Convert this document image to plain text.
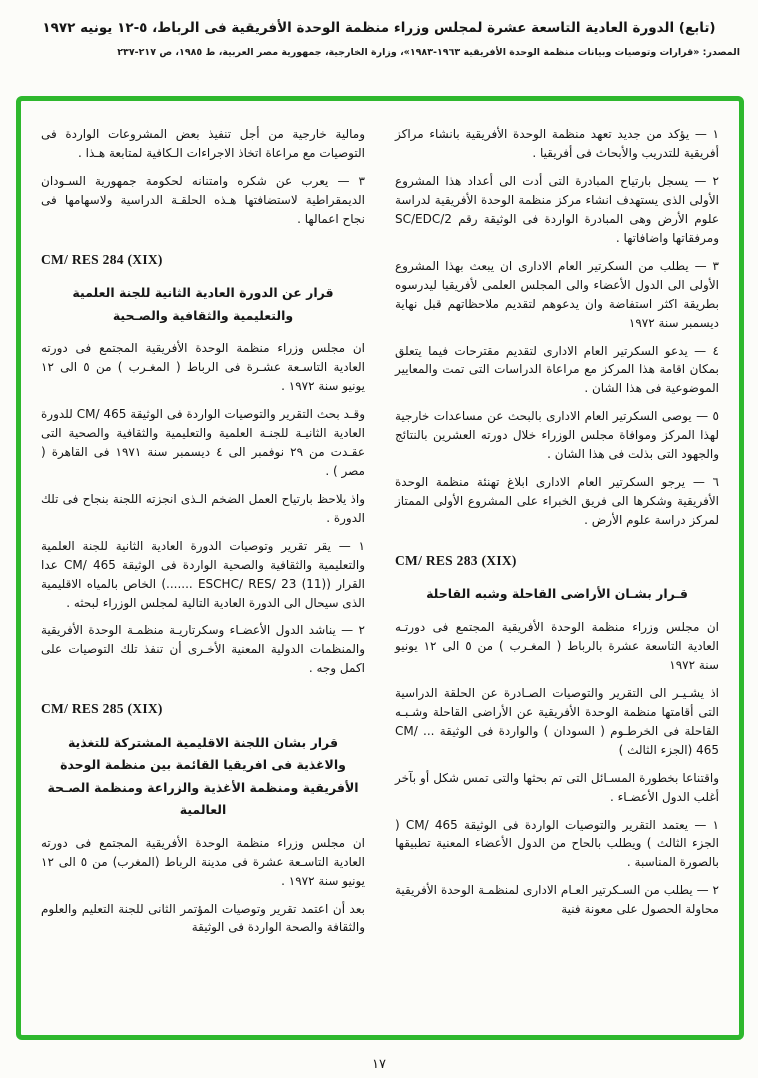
(تابع) الدورة العادية التاسعة عشرة لمجلس وزراء منظمة الوحدة الأفريقية فى الرباط، ٥-١٢ يونيه ١٩٧٢
المصدر: «قرارات وتوصيات وبيانات منظمة الوحدة الأفريقية ١٩٦٣-١٩٨٣»، وزارة الخارجية، جمهورية مصر العربية، ط ١٩٨٥، ص ٢١٧-٢٣٧

١ — يؤكد من جديد تعهد منظمة الوحدة الأفريقية بانشاء مراكز أفريقية للتدريب والأبحاث فى أفريقيا .

٢ — يسجل بارتياح المبادرة التى أدت الى أعداد هذا المشروع الأولى الذى يستهدف انشاء مركز منظمة الوحدة الأفريقية لدراسة علوم الأرض وهى المبادرة الواردة فى الوثيقة رقم SC/EDC/2 ومرفقاتها واضافاتها .

٣ — يطلب من السكرتير العام الادارى ان يبعث بهذا المشروع الأولى الى الدول الأعضاء والى المجلس العلمى لأفريقيا ليدرسوه بطريقة اكثر استفاضة وان يدعوهم لتقديم ملاحظاتهم قبل نهاية ديسمبر سنة ١٩٧٢

٤ — يدعو السكرتير العام الادارى لتقديم مقترحات فيما يتعلق بمكان اقامة هذا المركز مع مراعاة الدراسات التى تمت والمعايير الموضوعية فى هذا الشان .

٥ — يوصى السكرتير العام الادارى بالبحث عن مساعدات خارجية لهذا المركز وموافاة مجلس الوزراء خلال دورته العشرين بالنتائج والجهود التى بذلت فى هذا الشان .

٦ — يرجو السكرتير العام الادارى ابلاغ تهنئة منظمة الوحدة الأفريقية وشكرها الى فريق الخبراء على المشروع الأولى الممتاز لمركز دراسة علوم الأرض .

CM/ RES 283 (XIX)

قـرار بشـان الأراضى القاحلة وشبه القاحلة

ان مجلس وزراء منظمة الوحدة الأفريقية المجتمع فى دورتـه العادية التاسعة عشرة بالرباط ( المغـرب ) من ٥ الى ١٢ يونيو سنة ١٩٧٢

اذ يشـيـر الى التقرير والتوصيات الصـادرة عن الحلقة الدراسية التى أقامتها منظمة الوحدة الأفريقية عن الأراضى القاحلة وشـبـه القاحلة فى الخرطـوم ( السودان ) والواردة فى الوثيقة ... CM/ 465 (الجزء الثالث )

واقتناعا بخطورة المسـائل التى تم بحثها والتى تمس شكل أو بآخر أغلب الدول الأعضـاء .

١ — يعتمد التقرير والتوصيات الواردة فى الوثيقة CM/ 465 ( الجزء الثالث ) ويطلب بالحاح من الدول الأعضاء المعنية تطبيقها بالصورة المناسبة .

٢ — يطلب من السـكرتير العـام الادارى لمنظمـة الوحدة الأفريقية محاولة الحصول على معونة فنية

ومالية خارجية من أجل تنفيذ بعض المشروعات الواردة فى التوصيات مع مراعاة اتخاذ الاجراءات الـكافية لمتابعة هـذا .

٣ — يعرب عن شكره وامتنانه لحكومة جمهورية السـودان الديمقراطية لاستضافتها هـذه الحلقـة الدراسية ولاسهامها فى نجاح اعمالها .

CM/ RES 284 (XIX)

قرار عن الدورة العادية الثانية للجنة العلمية والتعليمية والثقافية والصـحية

ان مجلس وزراء منظمة الوحدة الأفريقية المجتمع فى دورته العادية التاسـعة عشـرة فى الرباط ( المغـرب ) من ٥ الى ١٢ يونيو سنة ١٩٧٢ .

وقـد بحث التقرير والتوصيات الواردة فى الوثيقة CM/ 465 للدورة العادية الثانيـة للجنـة العلمية والتعليمية والثقافية والصحية التى عقـدت من ٢٩ نوفمبر الى ٤ ديسمبر سنة ١٩٧١ فى القاهرة ( مصر ) .

واذ يلاحظ بارتياح العمل الضخم الـذى انجزته اللجنة بنجاح فى تلك الدورة .

١ — يقر تقرير وتوصيات الدورة العادية الثانية للجنة العلمية والتعليمية والثقافية والصحية الواردة فى الوثيقة CM/ 465 عدا القرار (ESCHC/ RES/ 23 (11) .......) الخاص بالمياه الاقليمية الذى سيحال الى الدورة العادية التالية لمجلس الوزراء لبحثه .

٢ — يناشد الدول الأعضـاء وسكرتاريـة منظمـة الوحدة الأفريقية والمنظمات الدولية المعنية الأخـرى أن تنفذ تلك التوصيات على اكمل وجه .

CM/ RES 285 (XIX)

قرار بشان اللجنة الاقليمية المشتركة للتغذية والاغذية فى افريقيا القائمة بين منظمة الوحدة الأفريقية ومنظمة الأغذية والزراعة ومنظمة الصـحة العالمية

ان مجلس وزراء منظمة الوحدة الأفريقية المجتمع فى دورته العادية التاسـعة عشرة فى مدينة الرباط (المغرب) من ٥ الى ١٢ يونيو سنة ١٩٧٢ .

بعد أن اعتمد تقرير وتوصيات المؤتمر الثانى للجنة التعليم والعلوم والثقافة والصحة الواردة فى الوثيقة

١٧
